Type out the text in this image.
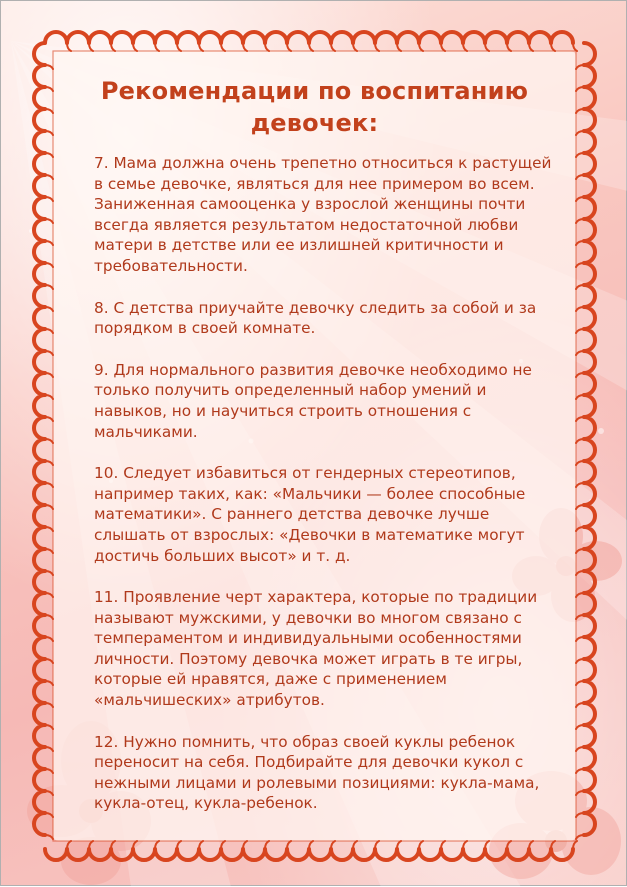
Рекомендации по воспитанию
девочек:

7. Мама должна очень трепетно относиться к растущей
в семье девочке, являться для нее примером во всем.
Заниженная самооценка у взрослой женщины почти
всегда является результатом недостаточной любви
матери в детстве или ее излишней критичности и
требовательности.

8. С детства приучайте девочку следить за собой и за
порядком в своей комнате.

9. Для нормального развития девочке необходимо не
только получить определенный набор умений и
навыков, но и научиться строить отношения с
мальчиками.

10. Следует избавиться от гендерных стереотипов,
например таких, как: «Мальчики — более способные
математики». С раннего детства девочке лучше
слышать от взрослых: «Девочки в математике могут
достичь больших высот» и т. д.

11. Проявление черт характера, которые по традиции
называют мужскими, у девочки во многом связано с
темпераментом и индивидуальными особенностями
личности. Поэтому девочка может играть в те игры,
которые ей нравятся, даже с применением
«мальчишеских» атрибутов.

12. Нужно помнить, что образ своей куклы ребенок
переносит на себя. Подбирайте для девочки кукол с
нежными лицами и ролевыми позициями: кукла-мама,
кукла-отец, кукла-ребенок.
